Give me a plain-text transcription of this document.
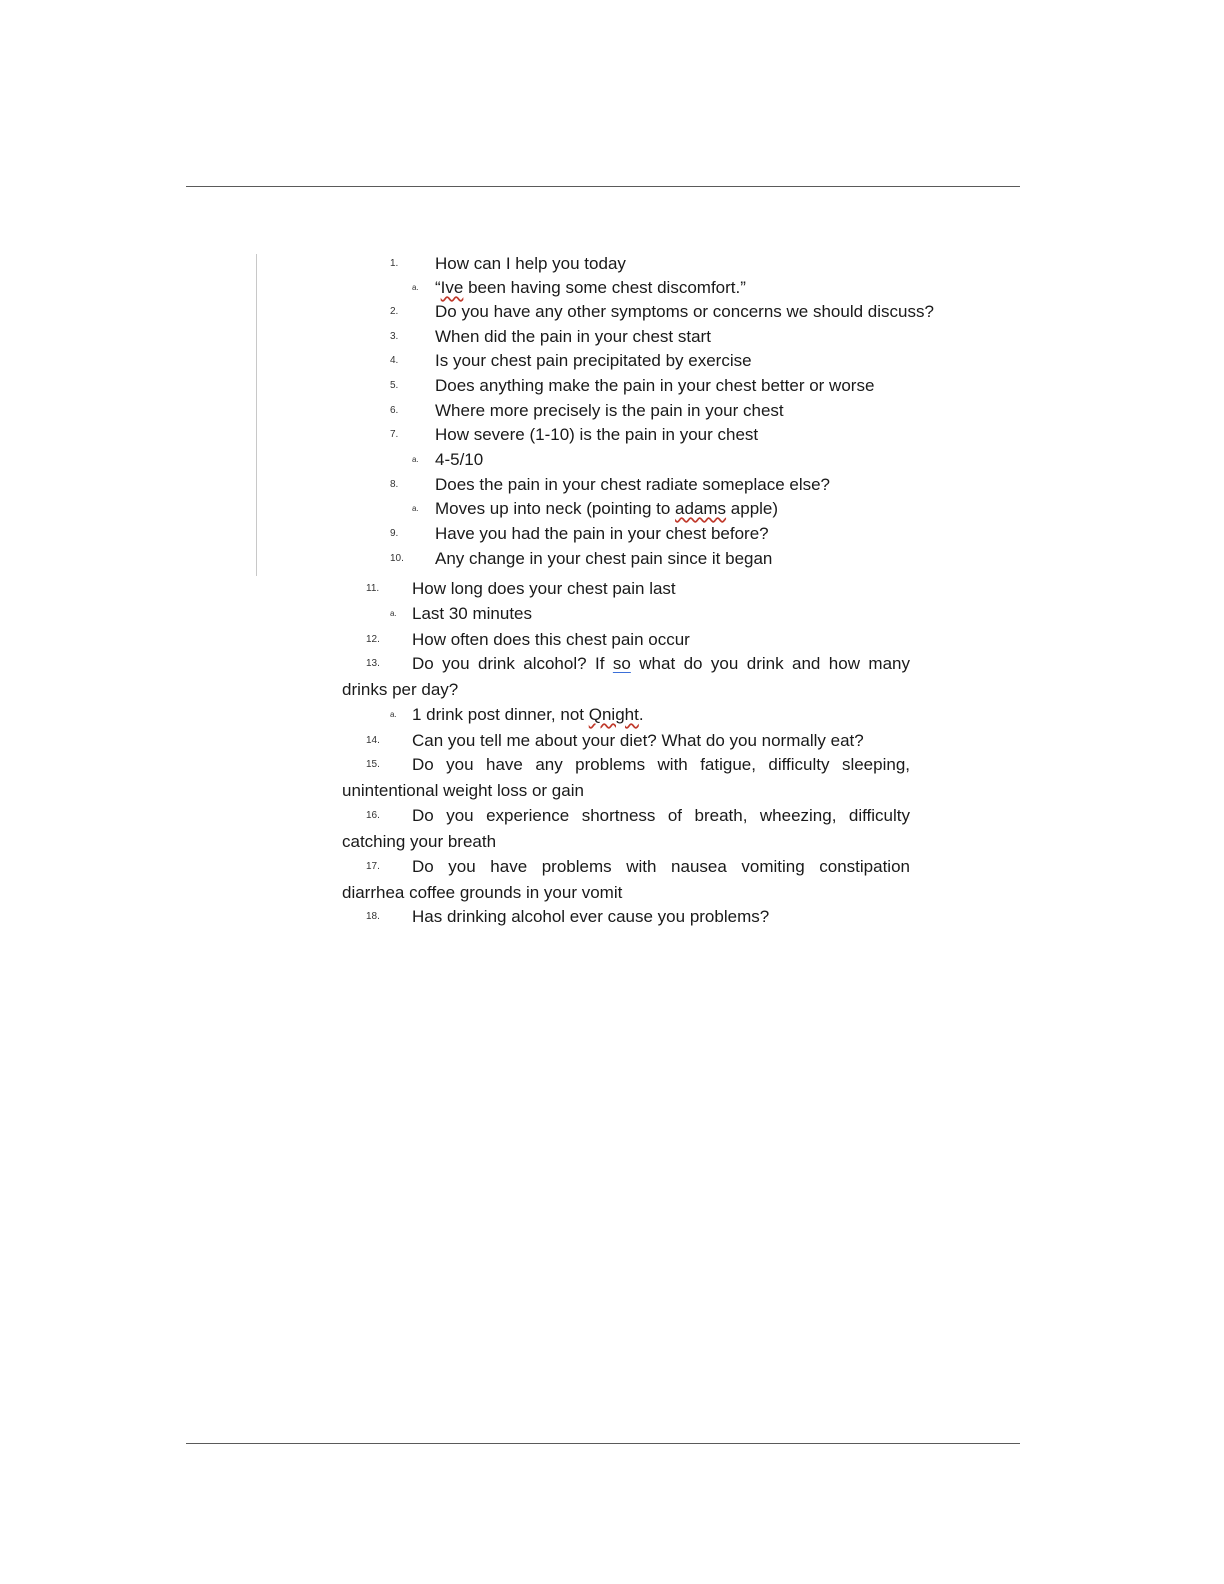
1. How can I help you today
a. “Ive been having some chest discomfort.”
2. Do you have any other symptoms or concerns we should discuss?
3. When did the pain in your chest start
4. Is your chest pain precipitated by exercise
5. Does anything make the pain in your chest better or worse
6. Where more precisely is the pain in your chest
7. How severe (1-10) is the pain in your chest
a. 4-5/10
8. Does the pain in your chest radiate someplace else?
a. Moves up into neck (pointing to adams apple)
9. Have you had the pain in your chest before?
10. Any change in your chest pain since it began
11. How long does your chest pain last
a. Last 30 minutes
12. How often does this chest pain occur
13. Do you drink alcohol? If so what do you drink and how many
drinks per day?
a. 1 drink post dinner, not Qnight.
14. Can you tell me about your diet? What do you normally eat?
15. Do you have any problems with fatigue, difficulty sleeping,
unintentional weight loss or gain
16. Do you experience shortness of breath, wheezing, difficulty
catching your breath
17. Do you have problems with nausea vomiting constipation
diarrhea coffee grounds in your vomit
18. Has drinking alcohol ever cause you problems?
